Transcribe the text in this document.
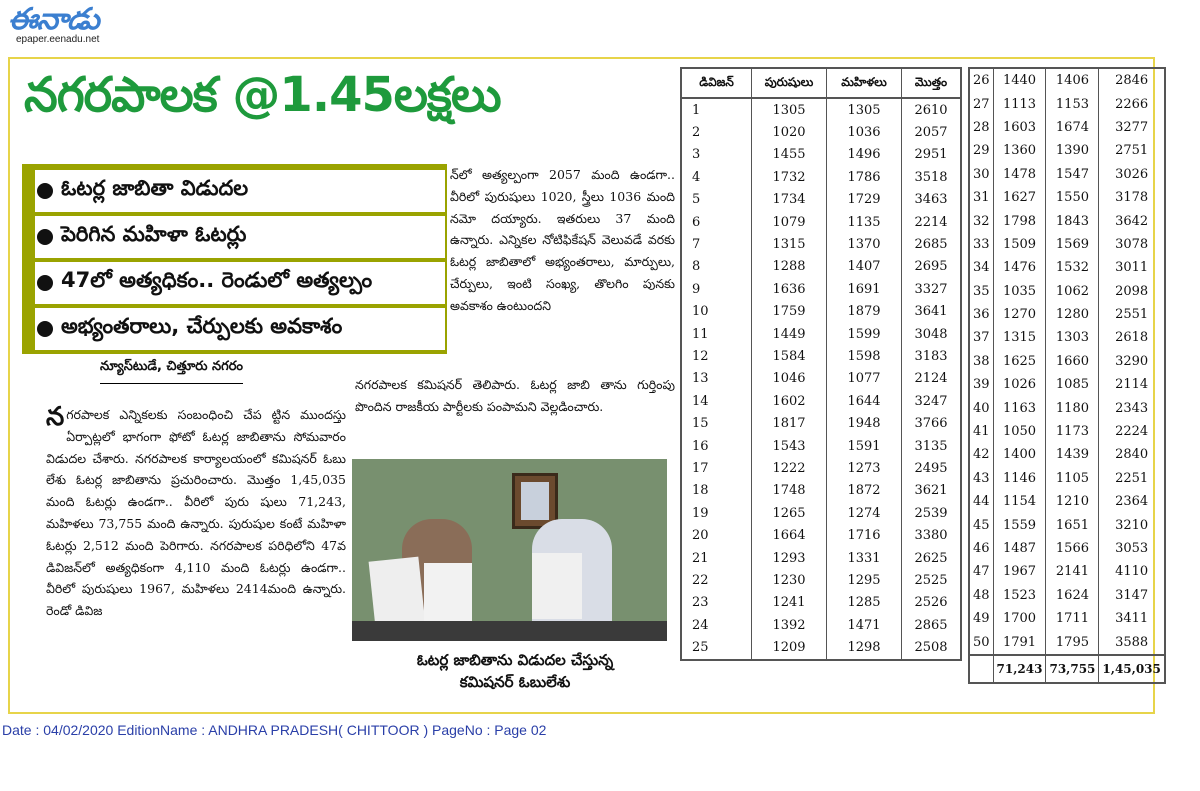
ఈనాడు
epaper.eenadu.net
నగరపాలక @1.45లక్షలు
ఓటర్ల జాబితా విడుదల
పెరిగిన మహిళా ఓటర్లు
47లో అత్యధికం.. రెండులో అత్యల్పం
అభ్యంతరాలు, చేర్పులకు అవకాశం
న్యూస్‌టుడే, చిత్తూరు నగరం
నగరపాలక ఎన్నికలకు సంబంధించి చేప ట్టిన ముందస్తు ఏర్పాట్లలో భాగంగా ఫోటో ఓటర్ల జాబితాను సోమవారం విడుదల చేశారు. నగరపాలక కార్యాలయంలో కమిషనర్ ఓబు లేశు ఓటర్ల జాబితాను ప్రచురించారు. మొత్తం 1,45,035 మంది ఓటర్లు ఉండగా.. వీరిలో పురు షులు 71,243, మహిళలు 73,755 మంది ఉన్నారు. పురుషుల కంటే మహిళా ఓటర్లు 2,512 మంది పెరిగారు. నగరపాలక పరిధిలోని 47వ డివిజన్‌లో అత్యధికంగా 4,110 మంది ఓటర్లు ఉండగా.. వీరిలో పురుషులు 1967, మహిళలు 2414మంది ఉన్నారు. రెండో డివిజ
న్‌లో అత్యల్పంగా 2057 మంది ఉండగా.. వీరిలో పురుషులు 1020, స్త్రీలు 1036 మంది నమో దయ్యారు. ఇతరులు 37 మంది ఉన్నారు. ఎన్నికల నోటిఫికేషన్ వెలువడే వరకు ఓటర్ల జాబితాలో అభ్యంతరాలు, మార్పులు, చేర్పులు, ఇంటి సంఖ్య, తొలగిం పునకు అవకాశం ఉంటుందని
నగరపాలక కమిషనర్ తెలిపారు. ఓటర్ల జాబి తాను గుర్తింపు పొందిన రాజకీయ పార్టీలకు పంపామని వెల్లడించారు.
ఓటర్ల జాబితాను విడుదల చేస్తున్న
కమిషనర్ ఓబులేశు
డివిజన్	పురుషులు	మహిళలు	మొత్తం
1	1305	1305	2610
2	1020	1036	2057
3	1455	1496	2951
4	1732	1786	3518
5	1734	1729	3463
6	1079	1135	2214
7	1315	1370	2685
8	1288	1407	2695
9	1636	1691	3327
10	1759	1879	3641
11	1449	1599	3048
12	1584	1598	3183
13	1046	1077	2124
14	1602	1644	3247
15	1817	1948	3766
16	1543	1591	3135
17	1222	1273	2495
18	1748	1872	3621
19	1265	1274	2539
20	1664	1716	3380
21	1293	1331	2625
22	1230	1295	2525
23	1241	1285	2526
24	1392	1471	2865
25	1209	1298	2508
26	1440	1406	2846
27	1113	1153	2266
28	1603	1674	3277
29	1360	1390	2751
30	1478	1547	3026
31	1627	1550	3178
32	1798	1843	3642
33	1509	1569	3078
34	1476	1532	3011
35	1035	1062	2098
36	1270	1280	2551
37	1315	1303	2618
38	1625	1660	3290
39	1026	1085	2114
40	1163	1180	2343
41	1050	1173	2224
42	1400	1439	2840
43	1146	1105	2251
44	1154	1210	2364
45	1559	1651	3210
46	1487	1566	3053
47	1967	2141	4110
48	1523	1624	3147
49	1700	1711	3411
50	1791	1795	3588
	71,243	73,755	1,45,035
Date : 04/02/2020 EditionName : ANDHRA PRADESH( CHITTOOR ) PageNo : Page 02
